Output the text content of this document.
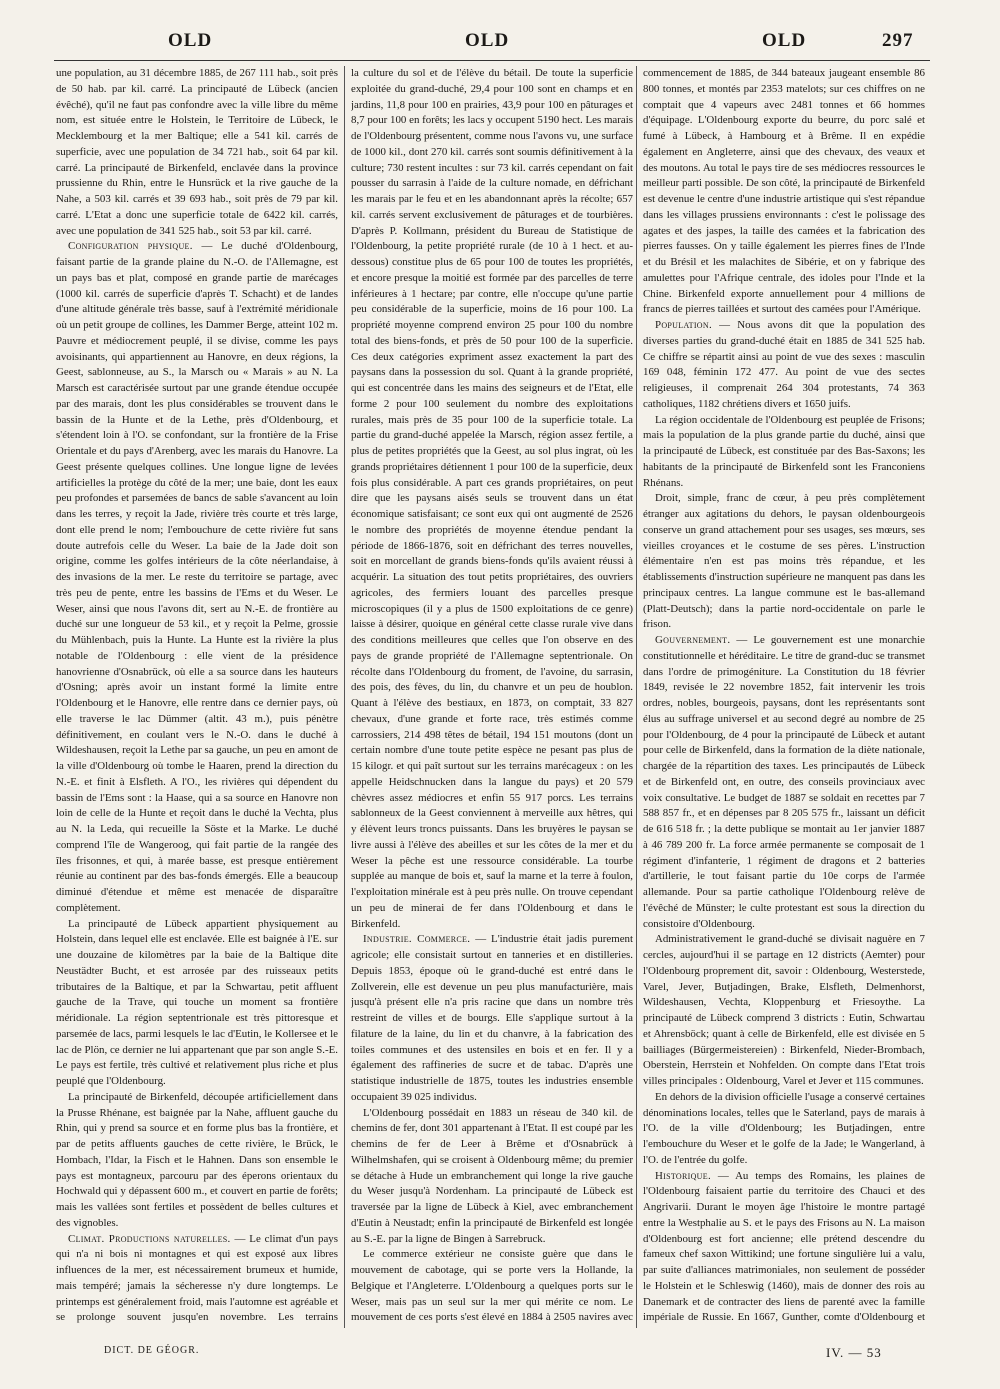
OLD	OLD	OLD	297

une population, au 31 décembre 1885, de 267 111 hab., soit près de 50 hab. par kil. carré. La principauté de Lübeck (ancien évêché), qu'il ne faut pas confondre avec la ville libre du même nom, est située entre le Holstein, le Territoire de Lübeck, le Mecklembourg et la mer Baltique; elle a 541 kil. carrés de superficie, avec une population de 34 721 hab., soit 64 par kil. carré. La principauté de Birkenfeld, enclavée dans la province prussienne du Rhin, entre le Hunsrück et la rive gauche de la Nahe, a 503 kil. carrés et 39 693 hab., soit près de 79 par kil. carré. L'Etat a donc une superficie totale de 6422 kil. carrés, avec une population de 341 525 hab., soit 53 par kil. carré.

Configuration physique. — Le duché d'Oldenbourg, faisant partie de la grande plaine du N.-O. de l'Allemagne, est un pays bas et plat, composé en grande partie de marécages (1000 kil. carrés de superficie d'après T. Schacht) et de landes d'une altitude générale très basse, sauf à l'extrémité méridionale où un petit groupe de collines, les Dammer Berge, atteint 102 m. Pauvre et médiocrement peuplé, il se divise, comme les pays avoisinants, qui appartiennent au Hanovre, en deux régions, la Geest, sablonneuse, au S., la Marsch ou « Marais » au N. La Marsch est caractérisée surtout par une grande étendue occupée par des marais, dont les plus considérables se trouvent dans le bassin de la Hunte et de la Lethe, près d'Oldenbourg, et s'étendent loin à l'O. se confondant, sur la frontière de la Frise Orientale et du pays d'Arenberg, avec les marais du Hanovre. La Geest présente quelques collines. Une longue ligne de levées artificielles la protège du côté de la mer; une baie, dont les eaux peu profondes et parsemées de bancs de sable s'avancent au loin dans les terres, y reçoit la Jade, rivière très courte et très large, dont elle prend le nom; l'embouchure de cette rivière fut sans doute autrefois celle du Weser. La baie de la Jade doit son origine, comme les golfes intérieurs de la côte néerlandaise, à des invasions de la mer. Le reste du territoire se partage, avec très peu de pente, entre les bassins de l'Ems et du Weser. Le Weser, ainsi que nous l'avons dit, sert au N.-E. de frontière au duché sur une longueur de 53 kil., et y reçoit la Pelme, grossie du Mühlenbach, puis la Hunte. La Hunte est la rivière la plus notable de l'Oldenbourg : elle vient de la présidence hanovrienne d'Osnabrück, où elle a sa source dans les hauteurs d'Osning; après avoir un instant formé la limite entre l'Oldenbourg et le Hanovre, elle rentre dans ce dernier pays, où elle traverse le lac Dümmer (altit. 43 m.), puis pénètre définitivement, en coulant vers le N.-O. dans le duché à Wildeshausen, reçoit la Lethe par sa gauche, un peu en amont de la ville d'Oldenbourg où tombe le Haaren, prend la direction du N.-E. et finit à Elsfleth. A l'O., les rivières qui dépendent du bassin de l'Ems sont : la Haase, qui a sa source en Hanovre non loin de celle de la Hunte et reçoit dans le duché la Vechta, plus au N. la Leda, qui recueille la Söste et la Marke. Le duché comprend l'île de Wangeroog, qui fait partie de la rangée des îles frisonnes, et qui, à marée basse, est presque entièrement réunie au continent par des bas-fonds émergés. Elle a beaucoup diminué d'étendue et même est menacée de disparaître complètement.

La principauté de Lübeck appartient physiquement au Holstein, dans lequel elle est enclavée. Elle est baignée à l'E. sur une douzaine de kilomètres par la baie de la Baltique dite Neustädter Bucht, et est arrosée par des ruisseaux petits tributaires de la Baltique, et par la Schwartau, petit affluent gauche de la Trave, qui touche un moment sa frontière méridionale. La région septentrionale est très pittoresque et parsemée de lacs, parmi lesquels le lac d'Eutin, le Kollersee et le lac de Plön, ce dernier ne lui appartenant que par son angle S.-E. Le pays est fertile, très cultivé et relativement plus riche et plus peuplé que l'Oldenbourg.

La principauté de Birkenfeld, découpée artificiellement dans la Prusse Rhénane, est baignée par la Nahe, affluent gauche du Rhin, qui y prend sa source et en forme plus bas la frontière, et par de petits affluents gauches de cette rivière, le Brück, le Hombach, l'Idar, la Fisch et le Hahnen. Dans son ensemble le pays est montagneux, parcouru par des éperons orientaux du Hochwald qui y dépassent 600 m., et couvert en partie de forêts; mais les vallées sont fertiles et possèdent de belles cultures et des vignobles.

Climat. Productions naturelles. — Le climat d'un pays qui n'a ni bois ni montagnes et qui est exposé aux libres influences de la mer, est nécessairement brumeux et humide, mais tempéré; jamais la sécheresse n'y dure longtemps. Le printemps est généralement froid, mais l'automne est agréable et se prolonge souvent jusqu'en novembre. Les terrains

la culture du sol et de l'élève du bétail. De toute la superficie exploitée du grand-duché, 29,4 pour 100 sont en champs et en jardins, 11,8 pour 100 en prairies, 43,9 pour 100 en pâturages et 8,7 pour 100 en forêts; les lacs y occupent 5190 hect. Les marais de l'Oldenbourg présentent, comme nous l'avons vu, une surface de 1000 kil., dont 270 kil. carrés sont soumis définitivement à la culture; 730 restent incultes : sur 73 kil. carrés cependant on fait pousser du sarrasin à l'aide de la culture nomade, en défrichant les marais par le feu et en les abandonnant après la récolte; 657 kil. carrés servent exclusivement de pâturages et de tourbières. D'après P. Kollmann, président du Bureau de Statistique de l'Oldenbourg, la petite propriété rurale (de 10 à 1 hect. et au-dessous) constitue plus de 65 pour 100 de toutes les propriétés, et encore presque la moitié est formée par des parcelles de terre inférieures à 1 hectare; par contre, elle n'occupe qu'une partie peu considérable de la superficie, moins de 16 pour 100. La propriété moyenne comprend environ 25 pour 100 du nombre total des biens-fonds, et près de 50 pour 100 de la superficie. Ces deux catégories expriment assez exactement la part des paysans dans la possession du sol. Quant à la grande propriété, qui est concentrée dans les mains des seigneurs et de l'Etat, elle forme 2 pour 100 seulement du nombre des exploitations rurales, mais près de 35 pour 100 de la superficie totale. La partie du grand-duché appelée la Marsch, région assez fertile, a plus de petites propriétés que la Geest, au sol plus ingrat, où les grands propriétaires détiennent 1 pour 100 de la superficie, deux fois plus considérable. A part ces grands propriétaires, on peut dire que les paysans aisés seuls se trouvent dans un état économique satisfaisant; ce sont eux qui ont augmenté de 2526 le nombre des propriétés de moyenne étendue pendant la période de 1866-1876, soit en défrichant des terres nouvelles, soit en morcellant de grands biens-fonds qu'ils avaient réussi à acquérir. La situation des tout petits propriétaires, des ouvriers agricoles, des fermiers louant des parcelles presque microscopiques (il y a plus de 1500 exploitations de ce genre) laisse à désirer, quoique en général cette classe rurale vive dans des conditions meilleures que celles que l'on observe en des pays de grande propriété de l'Allemagne septentrionale. On récolte dans l'Oldenbourg du froment, de l'avoine, du sarrasin, des pois, des fèves, du lin, du chanvre et un peu de houblon. Quant à l'élève des bestiaux, en 1873, on comptait, 33 827 chevaux, d'une grande et forte race, très estimés comme carrossiers, 214 498 têtes de bétail, 194 151 moutons (dont un certain nombre d'une toute petite espèce ne pesant pas plus de 15 kilogr. et qui paît surtout sur les terrains marécageux : on les appelle Heidschnucken dans la langue du pays) et 20 579 chèvres assez médiocres et enfin 55 917 porcs. Les terrains sablonneux de la Geest conviennent à merveille aux hêtres, qui y élèvent leurs troncs puissants. Dans les bruyères le paysan se livre aussi à l'élève des abeilles et sur les côtes de la mer et du Weser la pêche est une ressource considérable. La tourbe supplée au manque de bois et, sauf la marne et la terre à foulon, l'exploitation minérale est à peu près nulle. On trouve cependant un peu de minerai de fer dans l'Oldenbourg et dans le Birkenfeld.

Industrie. Commerce. — L'industrie était jadis purement agricole; elle consistait surtout en tanneries et en distilleries. Depuis 1853, époque où le grand-duché est entré dans le Zollverein, elle est devenue un peu plus manufacturière, mais jusqu'à présent elle n'a pris racine que dans un nombre très restreint de villes et de bourgs. Elle s'applique surtout à la filature de la laine, du lin et du chanvre, à la fabrication des toiles communes et des ustensiles en bois et en fer. Il y a également des raffineries de sucre et de tabac. D'après une statistique industrielle de 1875, toutes les industries ensemble occupaient 39 025 individus.

L'Oldenbourg possédait en 1883 un réseau de 340 kil. de chemins de fer, dont 301 appartenant à l'Etat. Il est coupé par les chemins de fer de Leer à Brême et d'Osnabrück à Wilhelmshafen, qui se croisent à Oldenbourg même; du premier se détache à Hude un embranchement qui longe la rive gauche du Weser jusqu'à Nordenham. La principauté de Lübeck est traversée par la ligne de Lübeck à Kiel, avec embranchement d'Eutin à Neustadt; enfin la principauté de Birkenfeld est longée au S.-E. par la ligne de Bingen à Sarrebruck.

Le commerce extérieur ne consiste guère que dans le mouvement de cabotage, qui se porte vers la Hollande, la Belgique et l'Angleterre. L'Oldenbourg a quelques ports sur le Weser, mais pas un seul sur la mer qui mérite ce nom. Le mouvement de ces ports s'est élevé en 1884 à 2505 navires avec

commencement de 1885, de 344 bateaux jaugeant ensemble 86 800 tonnes, et montés par 2353 matelots; sur ces chiffres on ne comptait que 4 vapeurs avec 2481 tonnes et 66 hommes d'équipage. L'Oldenbourg exporte du beurre, du porc salé et fumé à Lübeck, à Hambourg et à Brême. Il en expédie également en Angleterre, ainsi que des chevaux, des veaux et des moutons. Au total le pays tire de ses médiocres ressources le meilleur parti possible. De son côté, la principauté de Birkenfeld est devenue le centre d'une industrie artistique qui s'est répandue dans les villages prussiens environnants : c'est le polissage des agates et des jaspes, la taille des camées et la fabrication des pierres fausses. On y taille également les pierres fines de l'Inde et du Brésil et les malachites de Sibérie, et on y fabrique des amulettes pour l'Afrique centrale, des idoles pour l'Inde et la Chine. Birkenfeld exporte annuellement pour 4 millions de francs de pierres taillées et surtout des camées pour l'Amérique.

Population. — Nous avons dit que la population des diverses parties du grand-duché était en 1885 de 341 525 hab. Ce chiffre se répartit ainsi au point de vue des sexes : masculin 169 048, féminin 172 477. Au point de vue des sectes religieuses, il comprenait 264 304 protestants, 74 363 catholiques, 1182 chrétiens divers et 1650 juifs.

La région occidentale de l'Oldenbourg est peuplée de Frisons; mais la population de la plus grande partie du duché, ainsi que la principauté de Lübeck, est constituée par des Bas-Saxons; les habitants de la principauté de Birkenfeld sont les Franconiens Rhénans.

Droit, simple, franc de cœur, à peu près complètement étranger aux agitations du dehors, le paysan oldenbourgeois conserve un grand attachement pour ses usages, ses mœurs, ses vieilles croyances et le costume de ses pères. L'instruction élémentaire n'en est pas moins très répandue, et les établissements d'instruction supérieure ne manquent pas dans les principaux centres. La langue commune est le bas-allemand (Platt-Deutsch); dans la partie nord-occidentale on parle le frison.

Gouvernement. — Le gouvernement est une monarchie constitutionnelle et héréditaire. Le titre de grand-duc se transmet dans l'ordre de primogéniture. La Constitution du 18 février 1849, revisée le 22 novembre 1852, fait intervenir les trois ordres, nobles, bourgeois, paysans, dont les représentants sont élus au suffrage universel et au second degré au nombre de 25 pour l'Oldenbourg, de 4 pour la principauté de Lübeck et autant pour celle de Birkenfeld, dans la formation de la diète nationale, chargée de la répartition des taxes. Les principautés de Lübeck et de Birkenfeld ont, en outre, des conseils provinciaux avec voix consultative. Le budget de 1887 se soldait en recettes par 7 588 857 fr., et en dépenses par 8 205 575 fr., laissant un déficit de 616 518 fr. ; la dette publique se montait au 1er janvier 1887 à 46 789 200 fr. La force armée permanente se composait de 1 régiment d'infanterie, 1 régiment de dragons et 2 batteries d'artillerie, le tout faisant partie du 10e corps de l'armée allemande. Pour sa partie catholique l'Oldenbourg relève de l'évêché de Münster; le culte protestant est sous la direction du consistoire d'Oldenbourg.

Administrativement le grand-duché se divisait naguère en 7 cercles, aujourd'hui il se partage en 12 districts (Aemter) pour l'Oldenbourg proprement dit, savoir : Oldenbourg, Westerstede, Varel, Jever, Butjadingen, Brake, Elsfleth, Delmenhorst, Wildeshausen, Vechta, Kloppenburg et Friesoythe. La principauté de Lübeck comprend 3 districts : Eutin, Schwartau et Ahrensböck; quant à celle de Birkenfeld, elle est divisée en 5 bailliages (Bürgermeistereien) : Birkenfeld, Nieder-Brombach, Oberstein, Herrstein et Nohfelden. On compte dans l'Etat trois villes principales : Oldenbourg, Varel et Jever et 115 communes.

En dehors de la division officielle l'usage a conservé certaines dénominations locales, telles que le Saterland, pays de marais à l'O. de la ville d'Oldenbourg; les Butjadingen, entre l'embouchure du Weser et le golfe de la Jade; le Wangerland, à l'O. de l'entrée du golfe.

Historique. — Au temps des Romains, les plaines de l'Oldenbourg faisaient partie du territoire des Chauci et des Angrivarii. Durant le moyen âge l'histoire le montre partagé entre la Westphalie au S. et le pays des Frisons au N. La maison d'Oldenbourg est fort ancienne; elle prétend descendre du fameux chef saxon Wittikind; une fortune singulière lui a valu, par suite d'alliances matrimoniales, non seulement de posséder le Holstein et le Schleswig (1460), mais de donner des rois au Danemark et de contracter des liens de parenté avec la famille impériale de Russie. En 1667, Gunther, comte d'Oldenbourg et

DICT. DE GÉOGR.	IV. — 53
